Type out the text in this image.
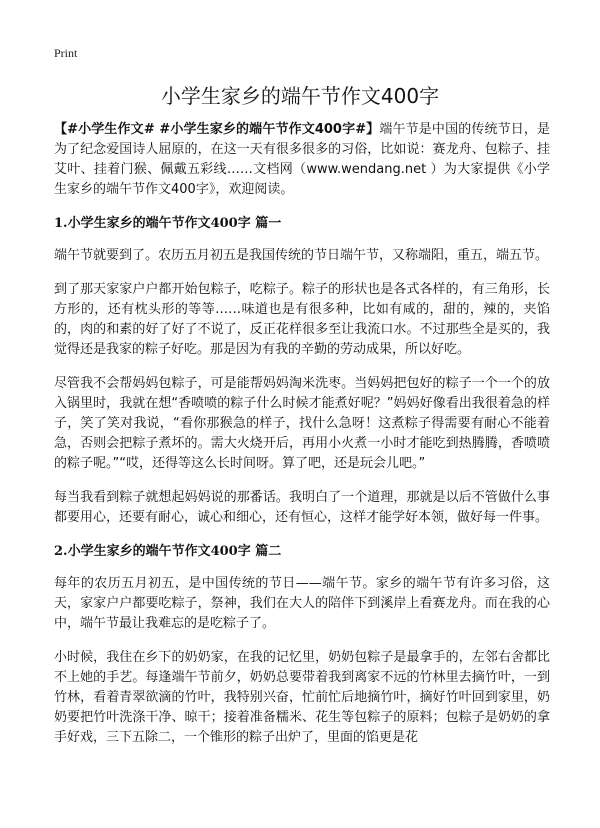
Print
小学生家乡的端午节作文400字

【#小学生作文# #小学生家乡的端午节作文400字#】端午节是中国的传统节日，是为了纪念爱国诗人屈原的，在这一天有很多很多的习俗，比如说：赛龙舟、包粽子、挂艾叶、挂着门猴、佩戴五彩线……文档网（www.wendang.net ）为大家提供《小学生家乡的端午节作文400字》，欢迎阅读。

1.小学生家乡的端午节作文400字 篇一

端午节就要到了。农历五月初五是我国传统的节日端午节，又称端阳，重五，端五节。

到了那天家家户户都开始包粽子，吃粽子。粽子的形状也是各式各样的，有三角形，长方形的，还有枕头形的等等……味道也是有很多种，比如有咸的，甜的，辣的，夹馅的，肉的和素的好了好了不说了，反正花样很多至让我流口水。不过那些全是买的，我觉得还是我家的粽子好吃。那是因为有我的辛勤的劳动成果，所以好吃。

尽管我不会帮妈妈包粽子，可是能帮妈妈淘米洗枣。当妈妈把包好的粽子一个一个的放入锅里时，我就在想“香喷喷的粽子什么时候才能煮好呢？”妈妈好像看出我很着急的样子，笑了笑对我说，“看你那猴急的样子，找什么急呀！这煮粽子得需要有耐心不能着急，否则会把粽子煮坏的。需大火烧开后，再用小火煮一小时才能吃到热腾腾，香喷喷的粽子呢。”“哎，还得等这么长时间呀。算了吧，还是玩会儿吧。”

每当我看到粽子就想起妈妈说的那番话。我明白了一个道理，那就是以后不管做什么事都要用心，还要有耐心，诚心和细心，还有恒心，这样才能学好本领，做好每一件事。

2.小学生家乡的端午节作文400字 篇二

每年的农历五月初五，是中国传统的节日——端午节。家乡的端午节有许多习俗，这天，家家户户都要吃粽子，祭神，我们在大人的陪伴下到溪岸上看赛龙舟。而在我的心中，端午节最让我难忘的是吃粽子了。

小时候，我住在乡下的奶奶家，在我的记忆里，奶奶包粽子是最拿手的，左邻右舍都比不上她的手艺。每逢端午节前夕，奶奶总要带着我到离家不远的竹林里去摘竹叶，一到竹林，看着青翠欲滴的竹叶，我特别兴奋，忙前忙后地摘竹叶，摘好竹叶回到家里，奶奶要把竹叶洗涤干净、晾干；接着准备糯米、花生等包粽子的原料；包粽子是奶奶的拿手好戏，三下五除二，一个锥形的粽子出炉了，里面的馅更是花
